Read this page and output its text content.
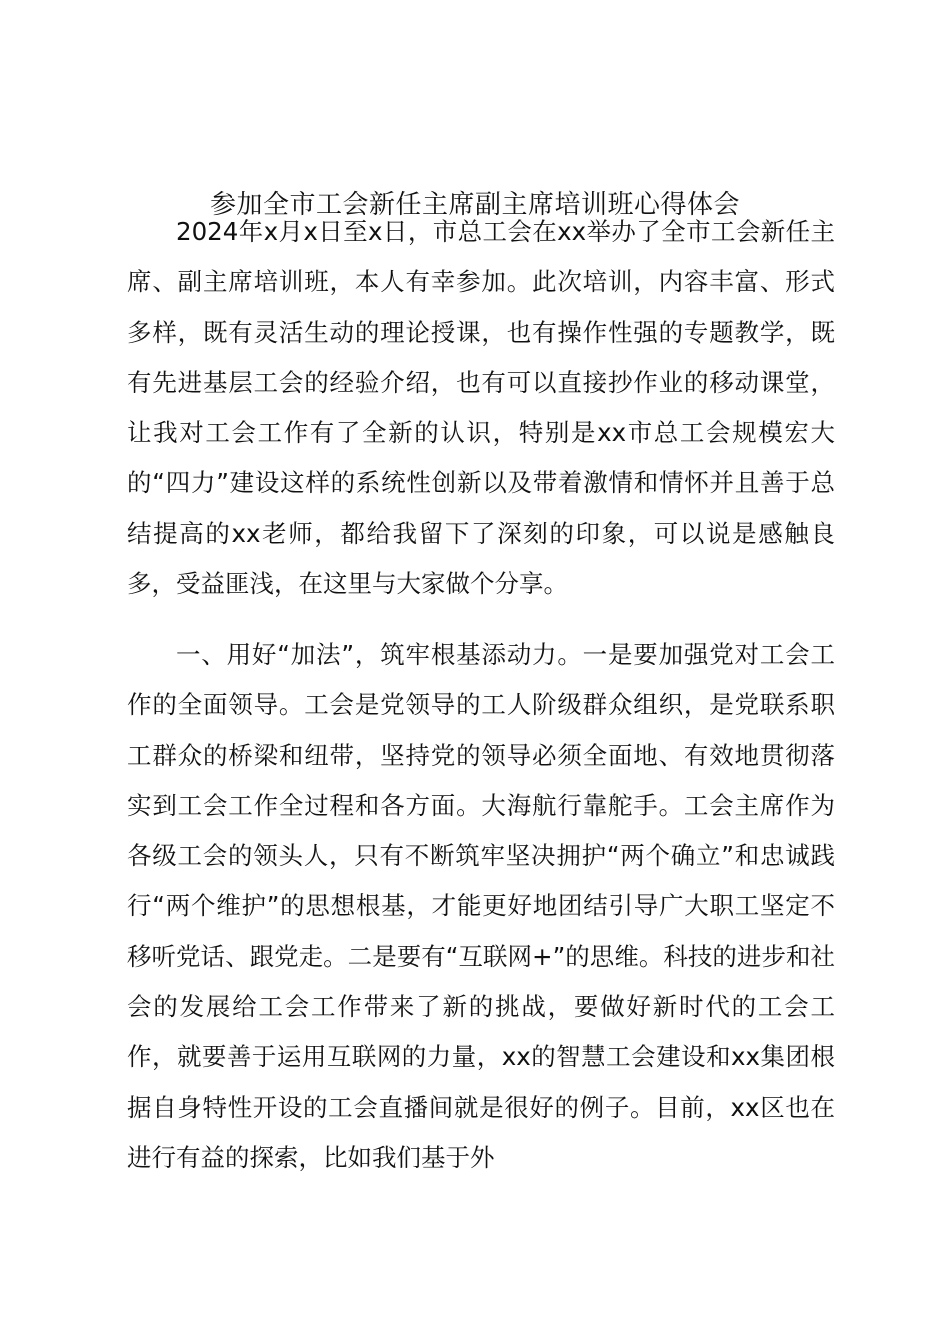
参加全市工会新任主席副主席培训班心得体会

2024年x月x日至x日，市总工会在xx举办了全市工会新任主席、副主席培训班，本人有幸参加。此次培训，内容丰富、形式多样，既有灵活生动的理论授课，也有操作性强的专题教学，既有先进基层工会的经验介绍，也有可以直接抄作业的移动课堂，让我对工会工作有了全新的认识，特别是xx市总工会规模宏大的“四力”建设这样的系统性创新以及带着激情和情怀并且善于总结提高的xx老师，都给我留下了深刻的印象，可以说是感触良多，受益匪浅，在这里与大家做个分享。

一、用好“加法”，筑牢根基添动力。一是要加强党对工会工作的全面领导。工会是党领导的工人阶级群众组织，是党联系职工群众的桥梁和纽带，坚持党的领导必须全面地、有效地贯彻落实到工会工作全过程和各方面。大海航行靠舵手。工会主席作为各级工会的领头人，只有不断筑牢坚决拥护“两个确立”和忠诚践行“两个维护”的思想根基，才能更好地团结引导广大职工坚定不移听党话、跟党走。二是要有“互联网+”的思维。科技的进步和社会的发展给工会工作带来了新的挑战，要做好新时代的工会工作，就要善于运用互联网的力量，xx的智慧工会建设和xx集团根据自身特性开设的工会直播间就是很好的例子。目前，xx区也在进行有益的探索，比如我们基于外
